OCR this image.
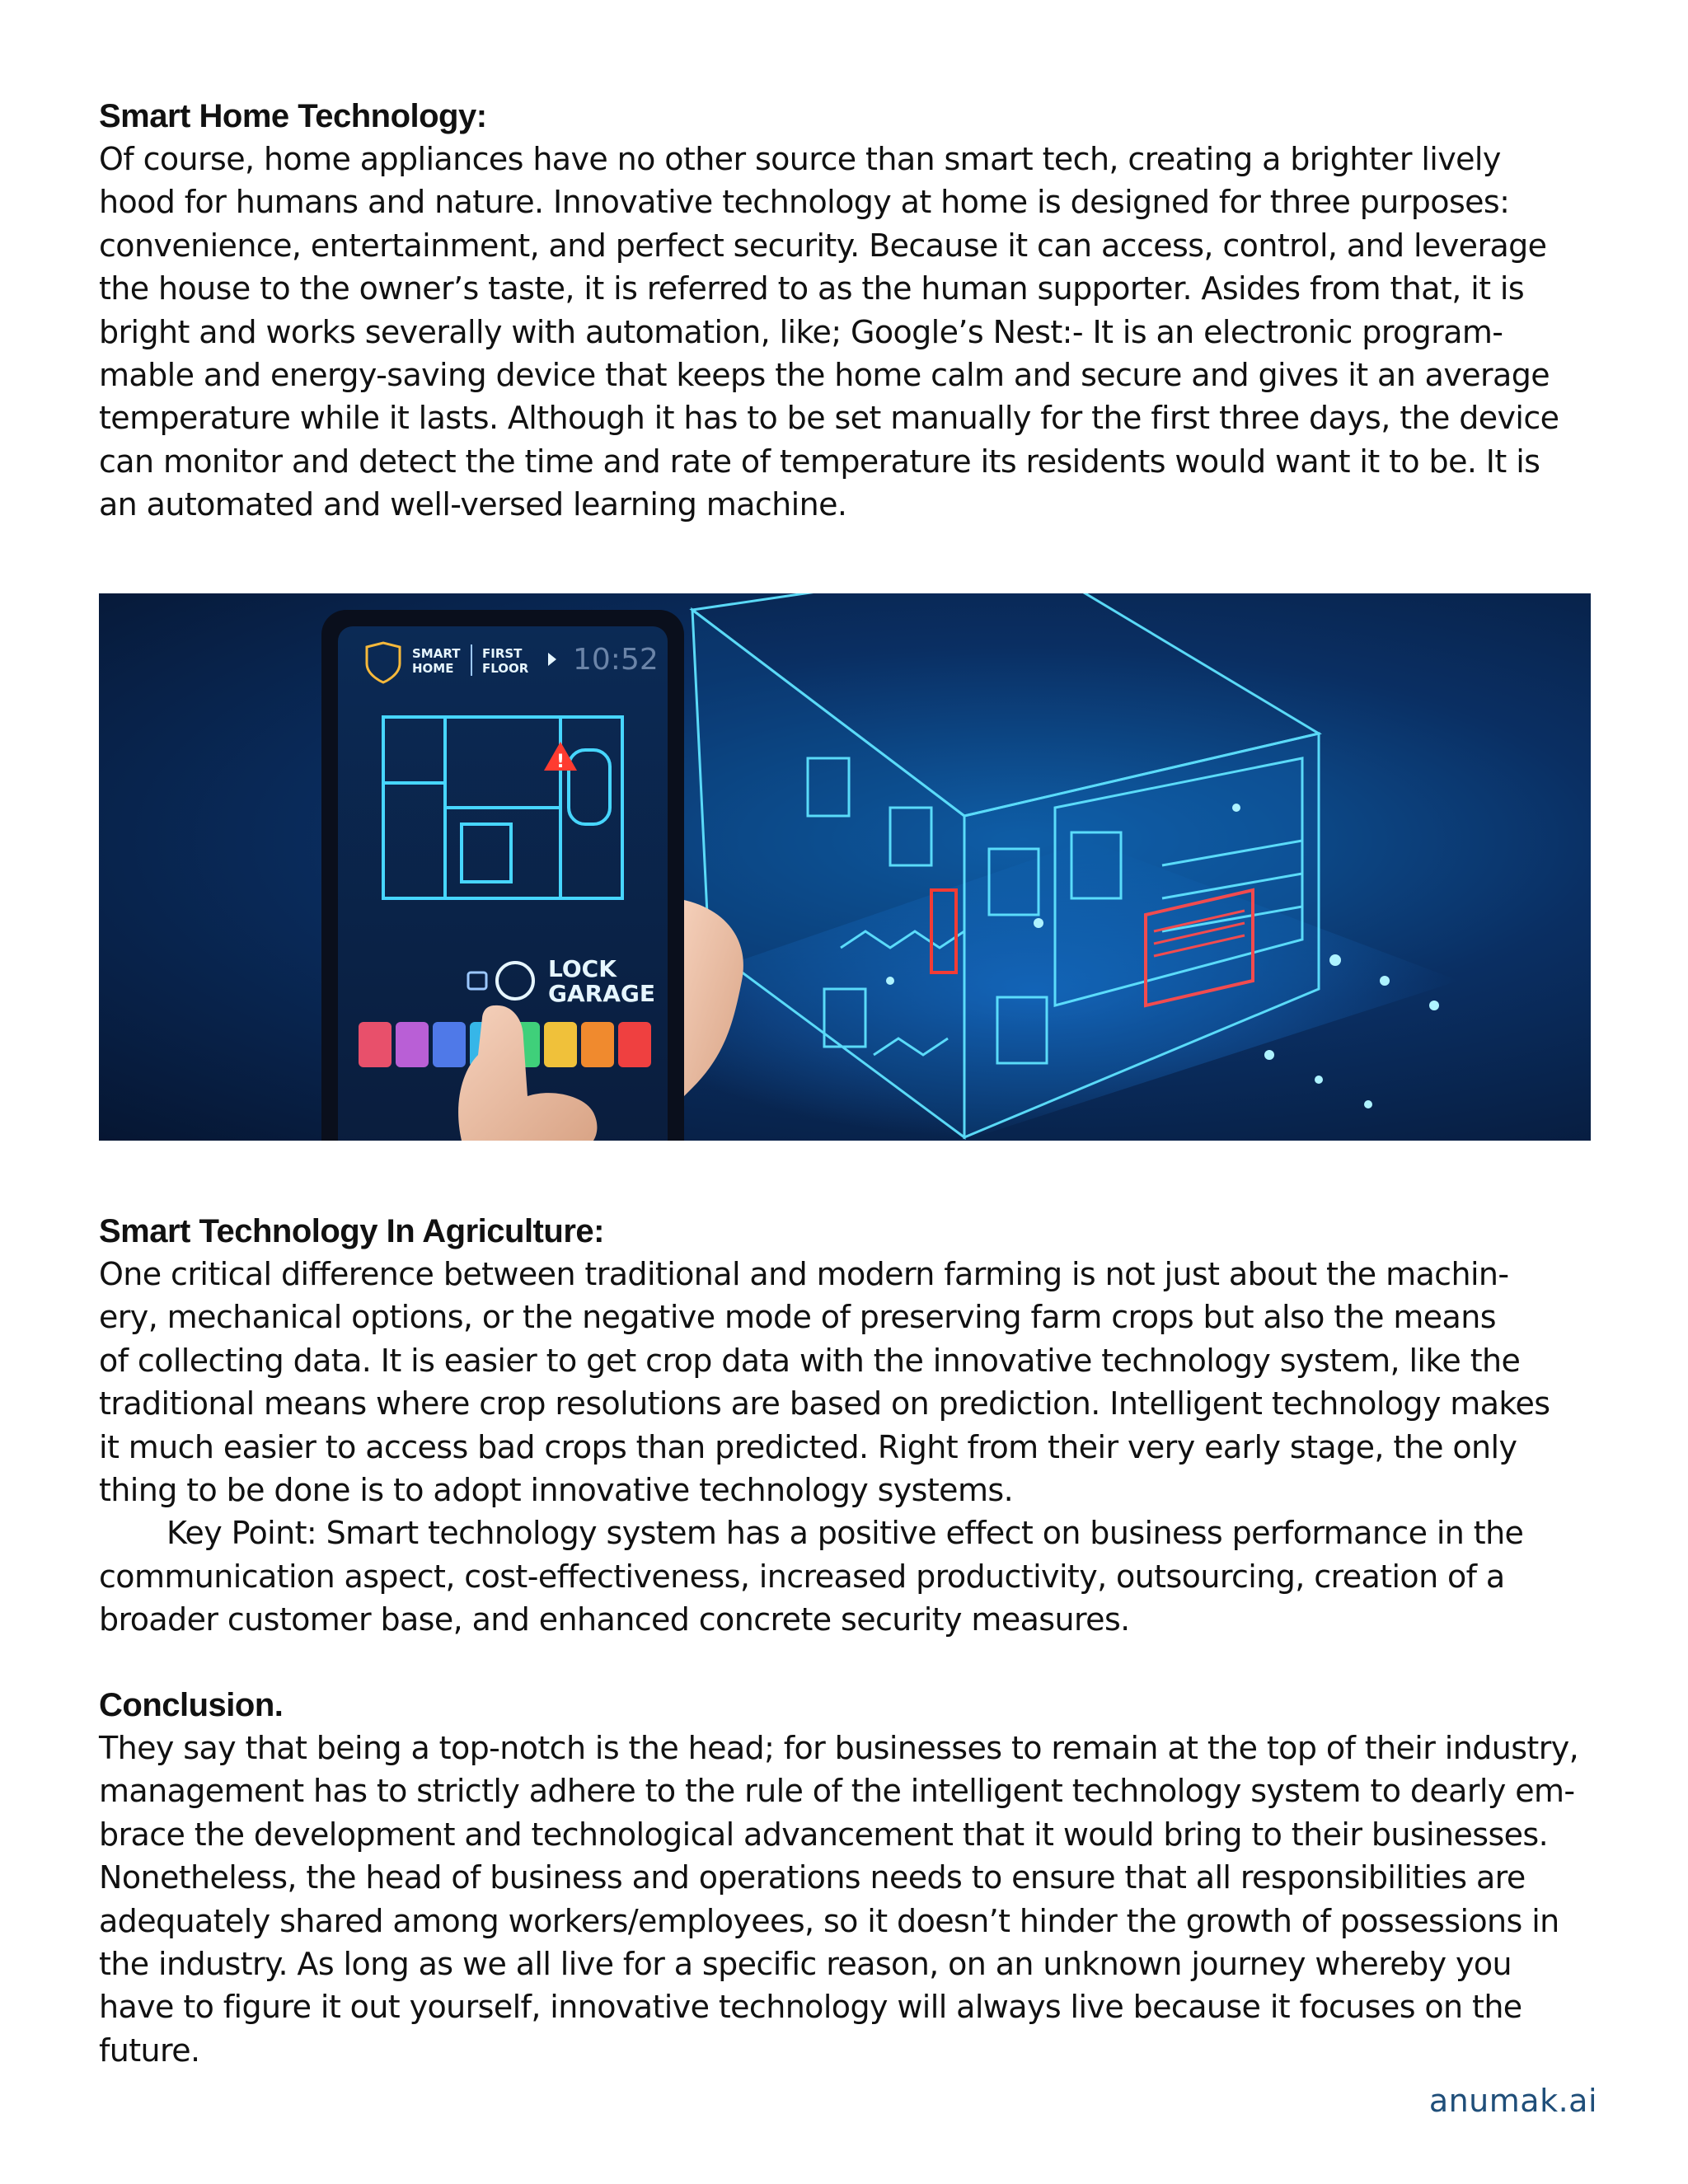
Smart Home Technology:

Of course, home appliances have no other source than smart tech, creating a brighter lively
hood for humans and nature. Innovative technology at home is designed for three purposes:
convenience, entertainment, and perfect security. Because it can access, control, and leverage
the house to the owner’s taste, it is referred to as the human supporter. Asides from that, it is
bright and works severally with automation, like; Google’s Nest:- It is an electronic program-
mable and energy-saving device that keeps the home calm and secure and gives it an average
temperature while it lasts. Although it has to be set manually for the first three days, the device
can monitor and detect the time and rate of temperature its residents would want it to be. It is
an automated and well-versed learning machine.

SMART
HOME
FIRST
FLOOR 10:52
!
LOCK
GARAGE
Smart Technology In Agriculture:

One critical difference between traditional and modern farming is not just about the machin-
ery, mechanical options, or the negative mode of preserving farm crops but also the means
of collecting data. It is easier to get crop data with the innovative technology system, like the
traditional means where crop resolutions are based on prediction. Intelligent technology makes
it much easier to access bad crops than predicted. Right from their very early stage, the only
thing to be done is to adopt innovative technology systems.

Key Point: Smart technology system has a positive effect on business performance in the
communication aspect, cost-effectiveness, increased productivity, outsourcing, creation of a
broader customer base, and enhanced concrete security measures.

Conclusion.

They say that being a top-notch is the head; for businesses to remain at the top of their industry,
management has to strictly adhere to the rule of the intelligent technology system to dearly em-
brace the development and technological advancement that it would bring to their businesses.
Nonetheless, the head of business and operations needs to ensure that all responsibilities are
adequately shared among workers/employees, so it doesn’t hinder the growth of possessions in
the industry. As long as we all live for a specific reason, on an unknown journey whereby you
have to figure it out yourself, innovative technology will always live because it focuses on the
future.

anumak.ai
